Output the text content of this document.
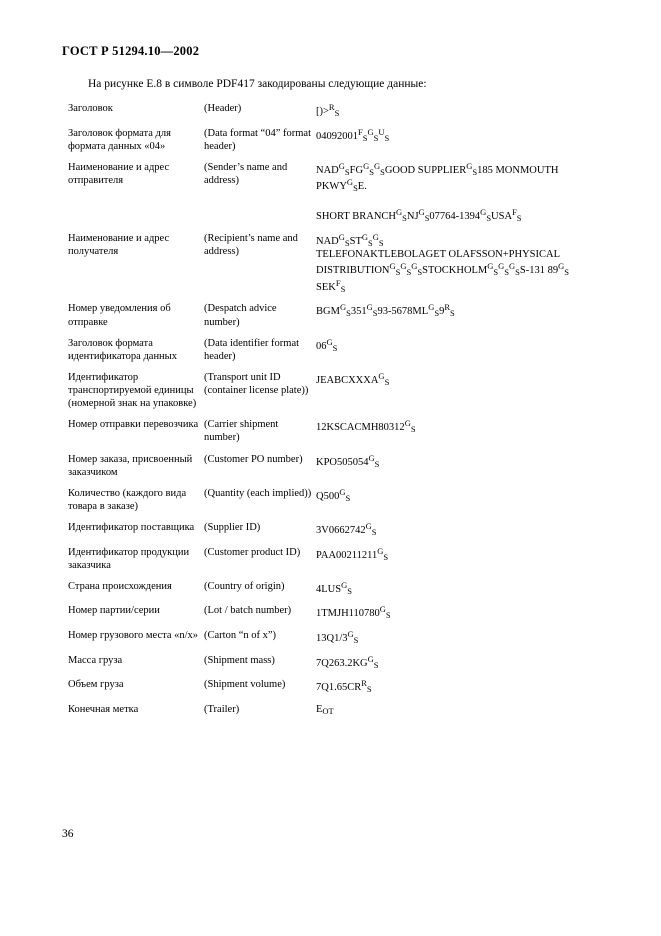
ГОСТ Р 51294.10—2002
На рисунке Е.8 в символе PDF417 закодированы следующие данные:
Заголовок	(Header)	[)>$^R_S$

Заголовок формата для формата данных «04»	(Data format “04” format header)	$04092001^F_S^G_S^U_S$

Наименование и адрес отправителя	(Sender’s name and address)	$NAD^G_SFG^G_S^G_SGOOD$ $SUPPLIER^G_S185$ MONMOUTH
$PKWY^G_SE$.

SHORT $BRANCH^G_SNJ^G_S07764-1394^G_SUSA^F_S$

Наименование и адрес получателя	(Recipient’s name and address)	$NAD^G_SST^G_S^G_S$
TELEFONAKTLEBOLAGET OLAFSSON+PHYSICAL
$DISTRIBUTION^G_S^G_S^G_SSTOCKHOLM^G_S^G_S^G_SS-131$ $89^G_S$
$SEK^F_S$

Номер уведомления об отправке	(Despatch advice number)	$BGM^G_S351^G_S93-5678ML^G_S9^R_S$

Заголовок формата идентификатора данных	(Data identifier format header)	$06^G_S$

Идентификатор транспортируемой единицы (номерной знак на упаковке)	(Transport unit ID (container license plate))	$JEABCXXXA^G_S$

Номер отправки перевозчика	(Carrier shipment number)	$12KSCACMH80312^G_S$

Номер заказа, присвоенный заказчиком	(Customer PO number)	$KPO505054^G_S$

Количество (каждого вида товара в заказе)	(Quantity (each implied))	$Q500^G_S$

Идентификатор поставщика	(Supplier ID)	$3V0662742^G_S$

Идентификатор продукции заказчика	(Customer product ID)	$PAA00211211^G_S$

Страна происхождения	(Country of origin)	$4LUS^G_S$

Номер партии/серии	(Lot / batch number)	$1TMJH110780^G_S$

Номер грузового места «n/x»	(Carton “n of x”)	$13Q1/3^G_S$

Масса груза	(Shipment mass)	$7Q263.2KG^G_S$

Объем груза	(Shipment volume)	$7Q1.65CR^R_S$

Конечная метка	(Trailer)	$E_{OT}$
36
